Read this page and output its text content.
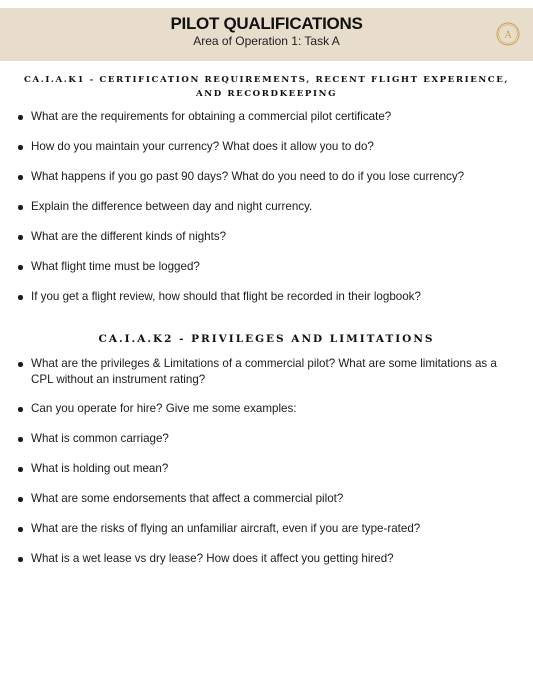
PILOT QUALIFICATIONS
Area of Operation 1: Task A	A
CA.I.A.K1 - CERTIFICATION REQUIREMENTS, RECENT FLIGHT EXPERIENCE, AND RECORDKEEPING
What are the requirements for obtaining a commercial pilot certificate?
How do you maintain your currency? What does it allow you to do?
What happens if you go past 90 days? What do you need to do if you lose currency?
Explain the difference between day and night currency.
What are the different kinds of nights?
What flight time must be logged?
If you get a flight review, how should that flight be recorded in their logbook?
CA.I.A.K2 - PRIVILEGES AND LIMITATIONS
What are the privileges & Limitations of a commercial pilot? What are some limitations as a CPL without an instrument rating?
Can you operate for hire? Give me some examples:
What is common carriage?
What is holding out mean?
What are some endorsements that affect a commercial pilot?
What are the risks of flying an unfamiliar aircraft, even if you are type-rated?
What is a wet lease vs dry lease? How does it affect you getting hired?
